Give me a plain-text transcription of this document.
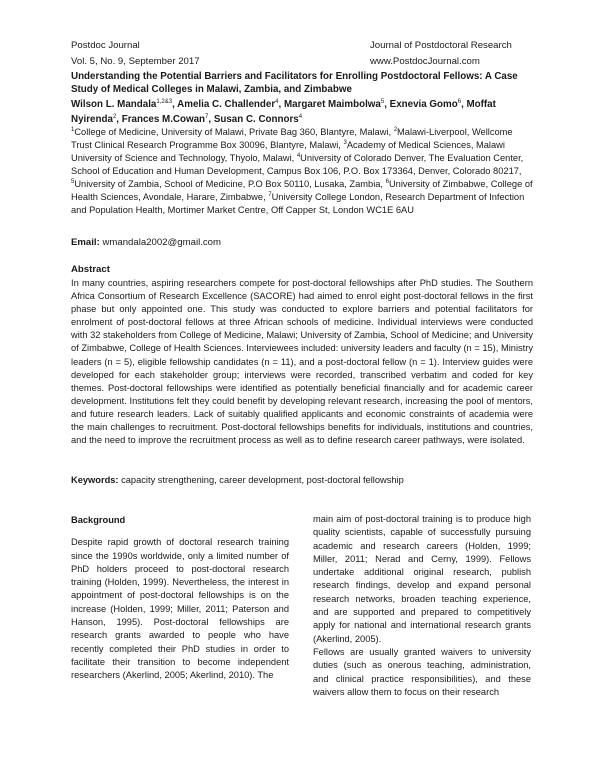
Postdoc Journal
Vol. 5, No. 9, September 2017
Journal of Postdoctoral Research
www.PostdocJournal.com
Understanding the Potential Barriers and Facilitators for Enrolling Postdoctoral Fellows: A Case Study of Medical Colleges in Malawi, Zambia, and Zimbabwe
Wilson L. Mandala$^{1,2\&3}$, Amelia C. Challender$^4$, Margaret Maimbolwa$^5$, Exnevia Gomo$^6$, Moffat Nyirenda$^2$, Frances M.Cowan$^7$, Susan C. Connors$^4$
$^1$College of Medicine, University of Malawi, Private Bag 360, Blantyre, Malawi, $^2$Malawi-Liverpool, Wellcome Trust Clinical Research Programme Box 30096, Blantyre, Malawi, $^3$Academy of Medical Sciences, Malawi University of Science and Technology, Thyolo, Malawi, $^4$University of Colorado Denver, The Evaluation Center, School of Education and Human Development, Campus Box 106, P.O. Box 173364, Denver, Colorado 80217, $^5$University of Zambia, School of Medicine, P.O Box 50110, Lusaka, Zambia, $^6$University of Zimbabwe, College of Health Sciences, Avondale, Harare, Zimbabwe, $^7$University College London, Research Department of Infection and Population Health, Mortimer Market Centre, Off Capper St, London WC1E 6AU
Email: wmandala2002@gmail.com
Abstract
In many countries, aspiring researchers compete for post-doctoral fellowships after PhD studies. The Southern Africa Consortium of Research Excellence (SACORE) had aimed to enrol eight post-doctoral fellows in the first phase but only appointed one. This study was conducted to explore barriers and potential facilitators for enrolment of post-doctoral fellows at three African schools of medicine. Individual interviews were conducted with 32 stakeholders from College of Medicine, Malawi; University of Zambia, School of Medicine; and University of Zimbabwe, College of Health Sciences. Interviewees included: university leaders and faculty (n = 15), Ministry leaders (n = 5), eligible fellowship candidates (n = 11), and a post-doctoral fellow (n = 1). Interview guides were developed for each stakeholder group; interviews were recorded, transcribed verbatim and coded for key themes. Post-doctoral fellowships were identified as potentially beneficial financially and for academic career development. Institutions felt they could benefit by developing relevant research, increasing the pool of mentors, and future research leaders. Lack of suitably qualified applicants and economic constraints of academia were the main challenges to recruitment. Post-doctoral fellowships benefits for individuals, institutions and countries, and the need to improve the recruitment process as well as to define research career pathways, were isolated.
Keywords: capacity strengthening, career development, post-doctoral fellowship
Background

Despite rapid growth of doctoral research training since the 1990s worldwide, only a limited number of PhD holders proceed to post-doctoral research training (Holden, 1999). Nevertheless, the interest in appointment of post-doctoral fellowships is on the increase (Holden, 1999; Miller, 2011; Paterson and Hanson, 1995). Post-doctoral fellowships are research grants awarded to people who have recently completed their PhD studies in order to facilitate their transition to become independent researchers (Akerlind, 2005; Akerlind, 2010). The

main aim of post-doctoral training is to produce high quality scientists, capable of successfully pursuing academic and research careers (Holden, 1999; Miller, 2011; Nerad and Cerny, 1999). Fellows undertake additional original research, publish research findings, develop and expand personal research networks, broaden teaching experience, and are supported and prepared to competitively apply for national and international research grants (Akerlind, 2005).

Fellows are usually granted waivers to university duties (such as onerous teaching, administration, and clinical practice responsibilities), and these waivers allow them to focus on their research
